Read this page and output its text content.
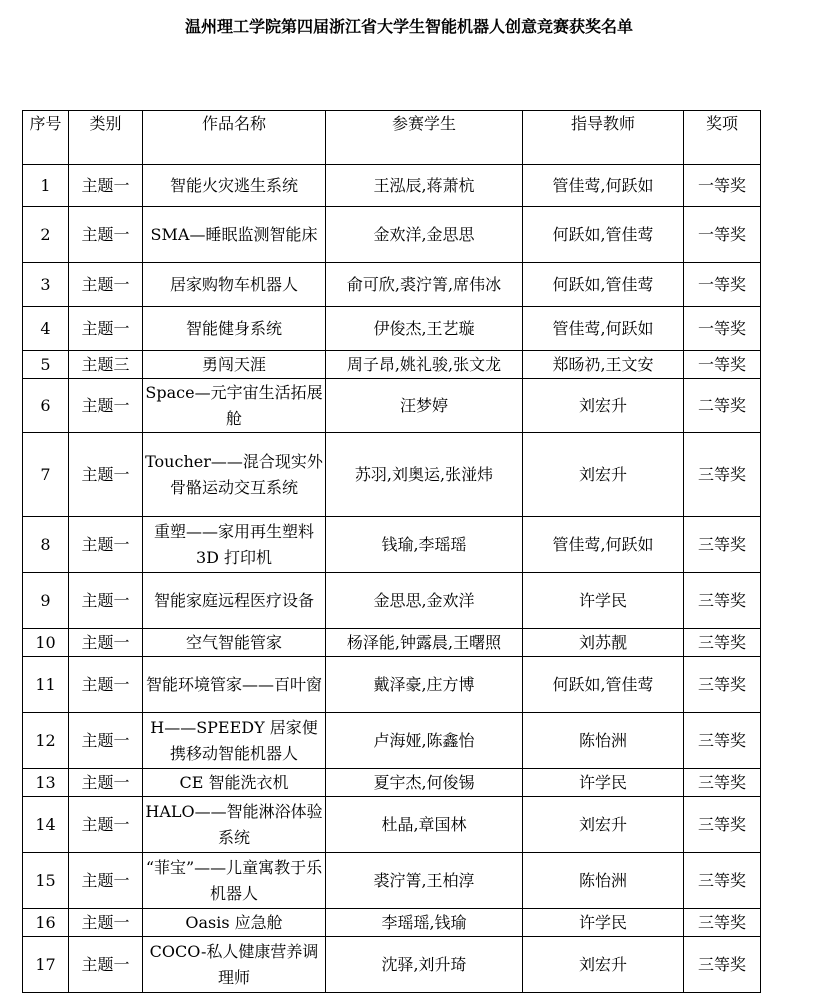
温州理工学院第四届浙江省大学生智能机器人创意竞赛获奖名单
序号	类别	作品名称	参赛学生	指导教师	奖项
1	主题一	智能火灾逃生系统	王泓辰,蒋萧杭	管佳莺,何跃如	一等奖
2	主题一	SMA—睡眠监测智能床	金欢洋,金思思	何跃如,管佳莺	一等奖
3	主题一	居家购物车机器人	俞可欣,裘泞箐,席伟冰	何跃如,管佳莺	一等奖
4	主题一	智能健身系统	伊俊杰,王艺璇	管佳莺,何跃如	一等奖
5	主题三	勇闯天涯	周子昂,姚礼骏,张文龙	郑旸礽,王文安	一等奖
6	主题一	Space—元宇宙生活拓展舱	汪梦婷	刘宏升	二等奖
7	主题一	Toucher——混合现实外骨骼运动交互系统	苏羽,刘奥运,张湴炜	刘宏升	三等奖
8	主题一	重塑——家用再生塑料 3D 打印机	钱瑜,李瑶瑶	管佳莺,何跃如	三等奖
9	主题一	智能家庭远程医疗设备	金思思,金欢洋	许学民	三等奖
10	主题一	空气智能管家	杨泽能,钟露晨,王曙照	刘苏靓	三等奖
11	主题一	智能环境管家——百叶窗	戴泽豪,庄方博	何跃如,管佳莺	三等奖
12	主题一	H——SPEEDY 居家便携移动智能机器人	卢海娅,陈鑫怡	陈怡洲	三等奖
13	主题一	CE 智能洗衣机	夏宇杰,何俊锡	许学民	三等奖
14	主题一	HALO——智能淋浴体验系统	杜晶,章国林	刘宏升	三等奖
15	主题一	“菲宝”——儿童寓教于乐机器人	裘泞箐,王柏淳	陈怡洲	三等奖
16	主题一	Oasis 应急舱	李瑶瑶,钱瑜	许学民	三等奖
17	主题一	COCO-私人健康营养调理师	沈驿,刘升琦	刘宏升	三等奖
